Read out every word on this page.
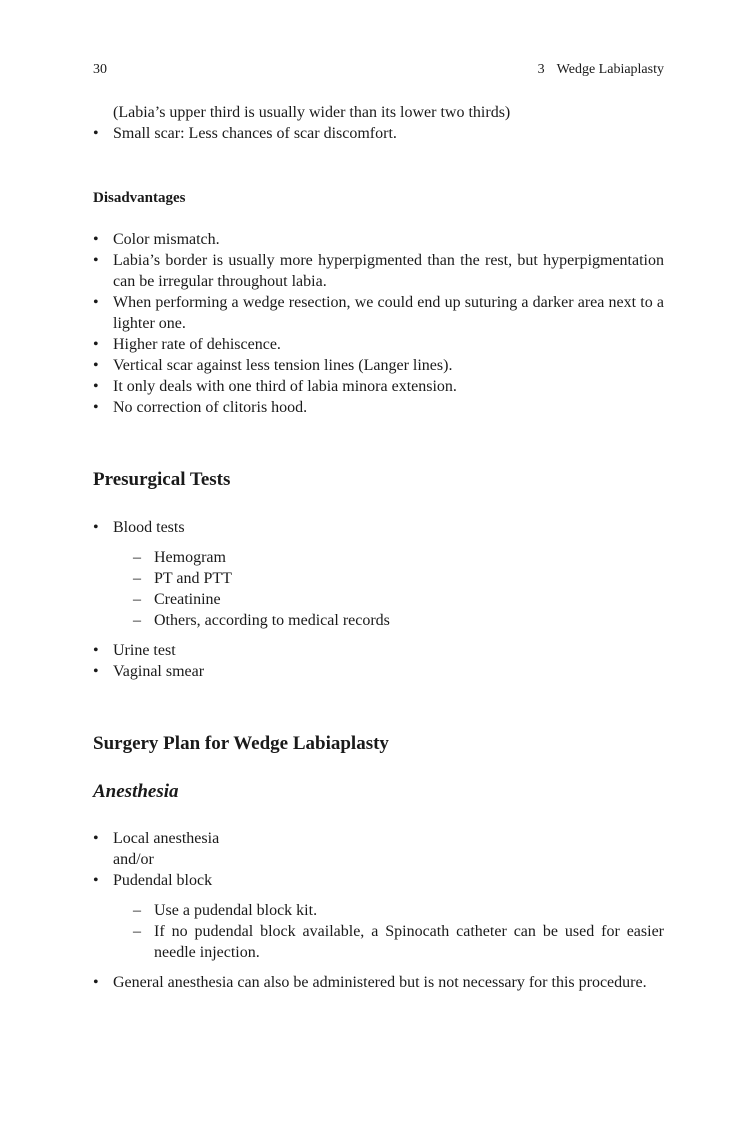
30	3 Wedge Labiaplasty
(Labia’s upper third is usually wider than its lower two thirds)
• Small scar: Less chances of scar discomfort.
Disadvantages
• Color mismatch.
• Labia’s border is usually more hyperpigmented than the rest, but hyperpigmentation can be irregular throughout labia.
• When performing a wedge resection, we could end up suturing a darker area next to a lighter one.
• Higher rate of dehiscence.
• Vertical scar against less tension lines (Langer lines).
• It only deals with one third of labia minora extension.
• No correction of clitoris hood.
Presurgical Tests
• Blood tests
– Hemogram
– PT and PTT
– Creatinine
– Others, according to medical records
• Urine test
• Vaginal smear
Surgery Plan for Wedge Labiaplasty
Anesthesia
• Local anesthesia
and/or
• Pudendal block
– Use a pudendal block kit.
– If no pudendal block available, a Spinocath catheter can be used for easier needle injection.
• General anesthesia can also be administered but is not necessary for this procedure.
